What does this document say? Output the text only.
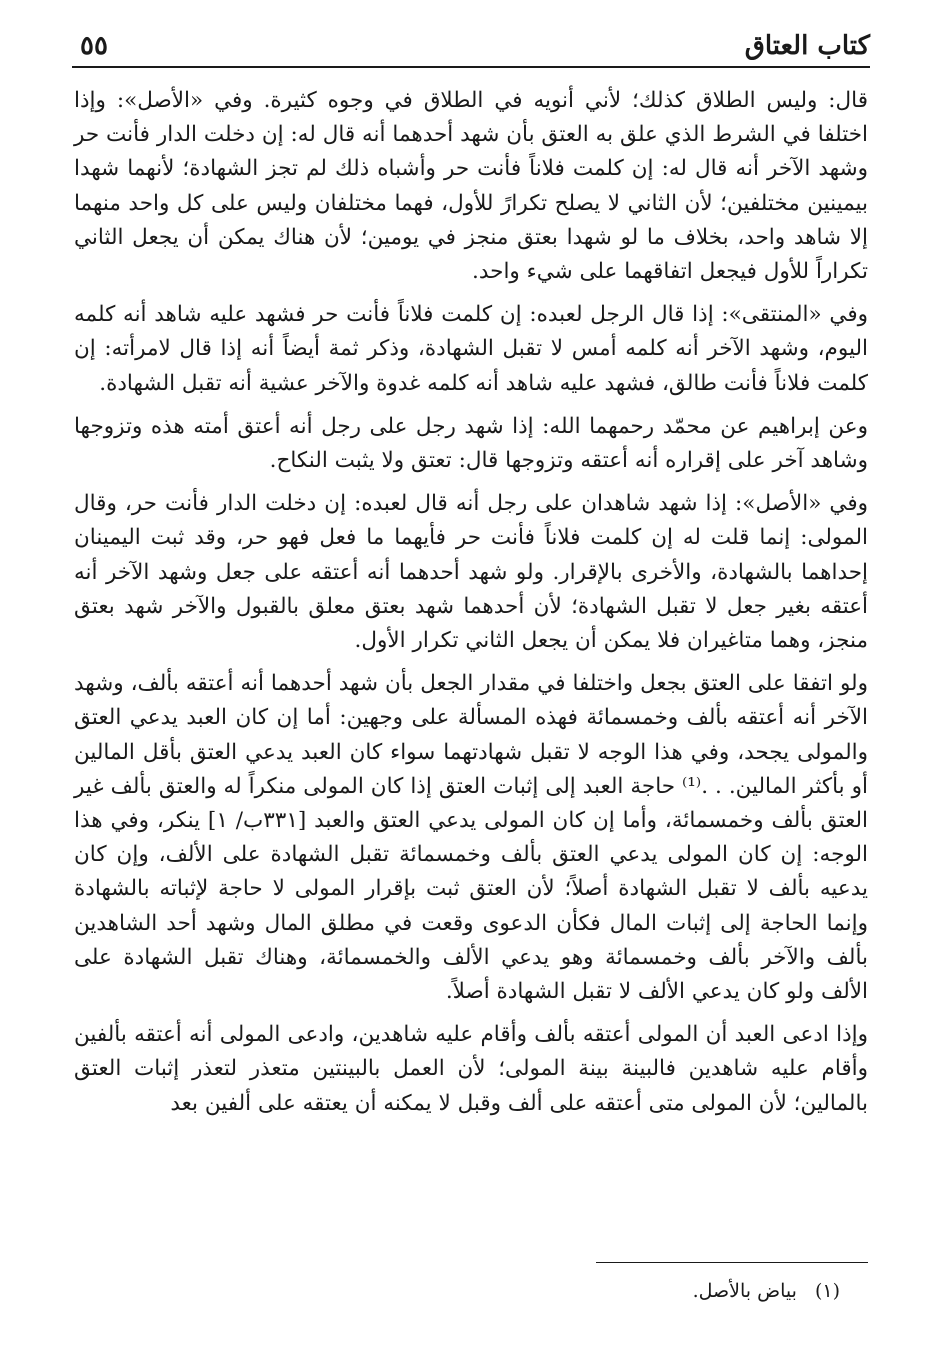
كتاب العتاق
٥٥

قال: وليس الطلاق كذلك؛ لأني أنويه في الطلاق في وجوه كثيرة. وفي «الأصل»: وإذا اختلفا في الشرط الذي علق به العتق بأن شهد أحدهما أنه قال له: إن دخلت الدار فأنت حر وشهد الآخر أنه قال له: إن كلمت فلاناً فأنت حر وأشباه ذلك لم تجز الشهادة؛ لأنهما شهدا بيمينين مختلفين؛ لأن الثاني لا يصلح تكرارً للأول، فهما مختلفان وليس على كل واحد منهما إلا شاهد واحد، بخلاف ما لو شهدا بعتق منجز في يومين؛ لأن هناك يمكن أن يجعل الثاني تكراراً للأول فيجعل اتفاقهما على شيء واحد.

وفي «المنتقى»: إذا قال الرجل لعبده: إن كلمت فلاناً فأنت حر فشهد عليه شاهد أنه كلمه اليوم، وشهد الآخر أنه كلمه أمس لا تقبل الشهادة، وذكر ثمة أيضاً أنه إذا قال لامرأته: إن كلمت فلاناً فأنت طالق، فشهد عليه شاهد أنه كلمه غدوة والآخر عشية أنه تقبل الشهادة.

وعن إبراهيم عن محمّد رحمهما الله: إذا شهد رجل على رجل أنه أعتق أمته هذه وتزوجها وشاهد آخر على إقراره أنه أعتقه وتزوجها قال: تعتق ولا يثبت النكاح.

وفي «الأصل»: إذا شهد شاهدان على رجل أنه قال لعبده: إن دخلت الدار فأنت حر، وقال المولى: إنما قلت له إن كلمت فلاناً فأنت حر فأيهما ما فعل فهو حر، وقد ثبت اليمينان إحداهما بالشهادة، والأخرى بالإقرار. ولو شهد أحدهما أنه أعتقه على جعل وشهد الآخر أنه أعتقه بغير جعل لا تقبل الشهادة؛ لأن أحدهما شهد بعتق معلق بالقبول والآخر شهد بعتق منجز، وهما متاغيران فلا يمكن أن يجعل الثاني تكرار الأول.

ولو اتفقا على العتق بجعل واختلفا في مقدار الجعل بأن شهد أحدهما أنه أعتقه بألف، وشهد الآخر أنه أعتقه بألف وخمسمائة فهذه المسألة على وجهين: أما إن كان العبد يدعي العتق والمولى يجحد، وفي هذا الوجه لا تقبل شهادتهما سواء كان العبد يدعي العتق بأقل المالين أو بأكثر المالين. . .⁽¹⁾ حاجة العبد إلى إثبات العتق إذا كان المولى منكراً له والعتق بألف غير العتق بألف وخمسمائة، وأما إن كان المولى يدعي العتق والعبد [٣٣١ب/ ١] ينكر، وفي هذا الوجه: إن كان المولى يدعي العتق بألف وخمسمائة تقبل الشهادة على الألف، وإن كان يدعيه بألف لا تقبل الشهادة أصلاً؛ لأن العتق ثبت بإقرار المولى لا حاجة لإثباته بالشهادة وإنما الحاجة إلى إثبات المال فكأن الدعوى وقعت في مطلق المال وشهد أحد الشاهدين بألف والآخر بألف وخمسمائة وهو يدعي الألف والخمسمائة، وهناك تقبل الشهادة على الألف ولو كان يدعي الألف لا تقبل الشهادة أصلاً.

وإذا ادعى العبد أن المولى أعتقه بألف وأقام عليه شاهدين، وادعى المولى أنه أعتقه بألفين وأقام عليه شاهدين فالبينة بينة المولى؛ لأن العمل بالبينتين متعذر لتعذر إثبات العتق بالمالين؛ لأن المولى متى أعتقه على ألف وقبل لا يمكنه أن يعتقه على ألفين بعد

(١) بياض بالأصل.
